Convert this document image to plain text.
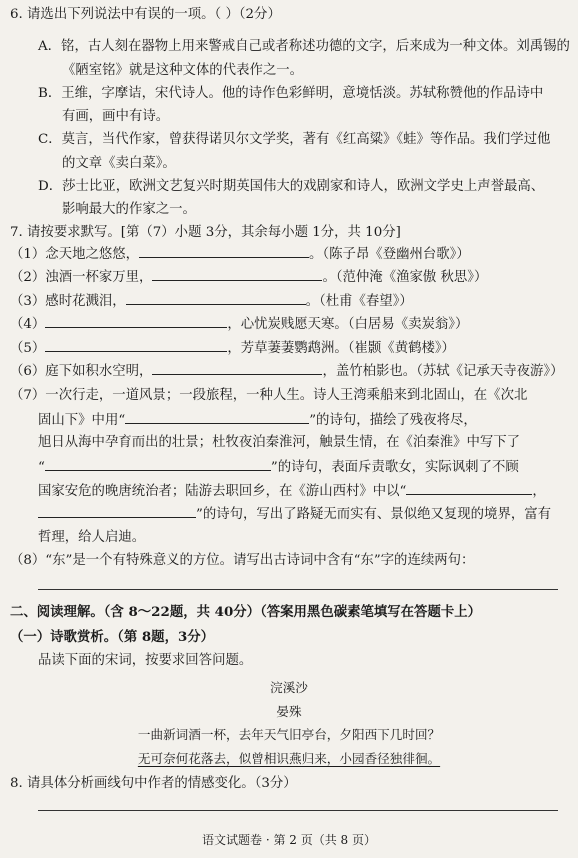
6. 请选出下列说法中有误的一项。（ ）（2分）
A．铭，古人刻在器物上用来警戒自己或者称述功德的文字，后来成为一种文体。刘禹锡的
《陋室铭》就是这种文体的代表作之一。
B．王维，字摩诘，宋代诗人。他的诗作色彩鲜明，意境恬淡。苏轼称赞他的作品诗中
有画，画中有诗。
C．莫言，当代作家，曾获得诺贝尔文学奖，著有《红高粱》《蛙》等作品。我们学过他
的文章《卖白菜》。
D．莎士比亚，欧洲文艺复兴时期英国伟大的戏剧家和诗人，欧洲文学史上声誉最高、
影响最大的作家之一。
7. 请按要求默写。[第（7）小题 3分，其余每小题 1分，共 10分]
（1）念天地之悠悠，	。（陈子昂《登幽州台歌》）
（2）浊酒一杯家万里，	。（范仲淹《渔家傲 秋思》）
（3）感时花溅泪，	。（杜甫《春望》）
（4）	，心忧炭贱愿天寒。（白居易《卖炭翁》）
（5）	，芳草萋萋鹦鹉洲。（崔颢《黄鹤楼》）
（6）庭下如积水空明，	，盖竹柏影也。（苏轼《记承天寺夜游》）
（7）一次行走，一道风景；一段旅程，一种人生。诗人王湾乘船来到北固山，在《次北
固山下》中用“	”的诗句，描绘了残夜将尽，
旭日从海中孕育而出的壮景；杜牧夜泊秦淮河，触景生情，在《泊秦淮》中写下了
“	”的诗句，表面斥责歌女，实际讽刺了不顾
国家安危的晚唐统治者；陆游去职回乡，在《游山西村》中以“	，
”的诗句，写出了路疑无而实有、景似绝又复现的境界，富有
哲理，给人启迪。
（8）“东”是一个有特殊意义的方位。请写出古诗词中含有“东”字的连续两句：
二、阅读理解。（含 8～22题，共 40分）（答案用黑色碳素笔填写在答题卡上）
（一）诗歌赏析。（第 8题，3分）
品读下面的宋词，按要求回答问题。
浣溪沙
晏殊
一曲新词酒一杯，去年天气旧亭台，夕阳西下几时回？
无可奈何花落去，似曾相识燕归来，小园香径独徘徊。
8. 请具体分析画线句中作者的情感变化。（3分）
语文试题卷 · 第 2 页（共 8 页）
